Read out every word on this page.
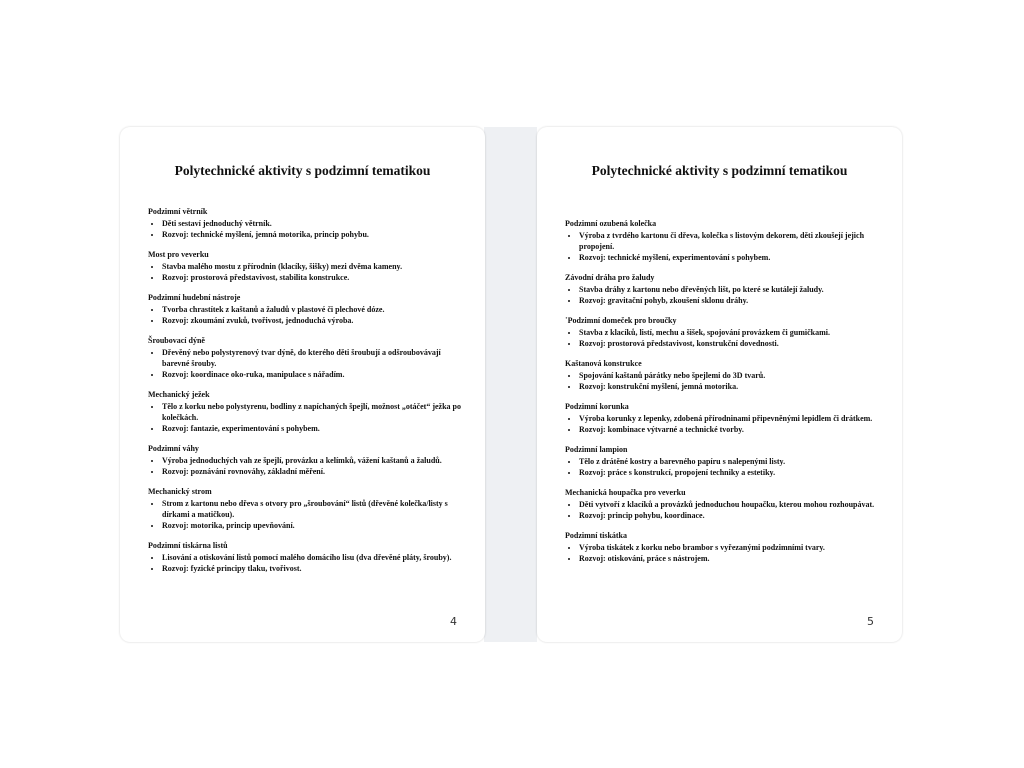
Polytechnické aktivity s podzimní tematikou

Podzimní větrník

• Děti sestaví jednoduchý větrník.
• Rozvoj: technické myšlení, jemná motorika, princip pohybu.

Most pro veverku

• Stavba malého mostu z přírodnin (klacíky, šišky) mezi dvěma kameny.
• Rozvoj: prostorová představivost, stabilita konstrukce.

Podzimní hudební nástroje

• Tvorba chrastítek z kaštanů a žaludů v plastové či plechové dóze.
• Rozvoj: zkoumání zvuků, tvořivost, jednoduchá výroba.

Šroubovací dýně

• Dřevěný nebo polystyrenový tvar dýně, do kterého děti šroubují a odšroubovávají barevné šrouby.
• Rozvoj: koordinace oko-ruka, manipulace s nářadím.

Mechanický ježek

• Tělo z korku nebo polystyrenu, bodliny z napíchaných špejlí, možnost „otáčet“ ježka po kolečkách.
• Rozvoj: fantazie, experimentování s pohybem.

Podzimní váhy

• Výroba jednoduchých vah ze špejlí, provázku a kelímků, vážení kaštanů a žaludů.
• Rozvoj: poznávání rovnováhy, základní měření.

Mechanický strom

• Strom z kartonu nebo dřeva s otvory pro „šroubování“ listů (dřevěné kolečka/listy s dírkami a matičkou).
• Rozvoj: motorika, princip upevňování.

Podzimní tiskárna listů

• Lisování a otiskování listů pomocí malého domácího lisu (dva dřevěné pláty, šrouby).
• Rozvoj: fyzické principy tlaku, tvořivost.
4
Polytechnické aktivity s podzimní tematikou

Podzimní ozubená kolečka

• Výroba z tvrdého kartonu či dřeva, kolečka s listovým dekorem, děti zkoušejí jejich propojení.
• Rozvoj: technické myšlení, experimentování s pohybem.

Závodní dráha pro žaludy

• Stavba dráhy z kartonu nebo dřevěných lišt, po které se kutálejí žaludy.
• Rozvoj: gravitační pohyb, zkoušení sklonu dráhy.

˙Podzimní domeček pro broučky

• Stavba z klacíků, listí, mechu a šišek, spojování provázkem či gumičkami.
• Rozvoj: prostorová představivost, konstrukční dovednosti.

Kaštanová konstrukce

• Spojování kaštanů párátky nebo špejlemi do 3D tvarů.
• Rozvoj: konstrukční myšlení, jemná motorika.

Podzimní korunka

• Výroba korunky z lepenky, zdobená přírodninami připevněnými lepidlem či drátkem.
• Rozvoj: kombinace výtvarné a technické tvorby.

Podzimní lampion

• Tělo z drátěné kostry a barevného papíru s nalepenými listy.
• Rozvoj: práce s konstrukcí, propojení techniky a estetiky.

Mechanická houpačka pro veverku

• Děti vytvoří z klacíků a provázků jednoduchou houpačku, kterou mohou rozhoupávat.
• Rozvoj: princip pohybu, koordinace.

Podzimní tiskátka

• Výroba tiskátek z korku nebo brambor s vyřezanými podzimními tvary.
• Rozvoj: otiskování, práce s nástrojem.
5
